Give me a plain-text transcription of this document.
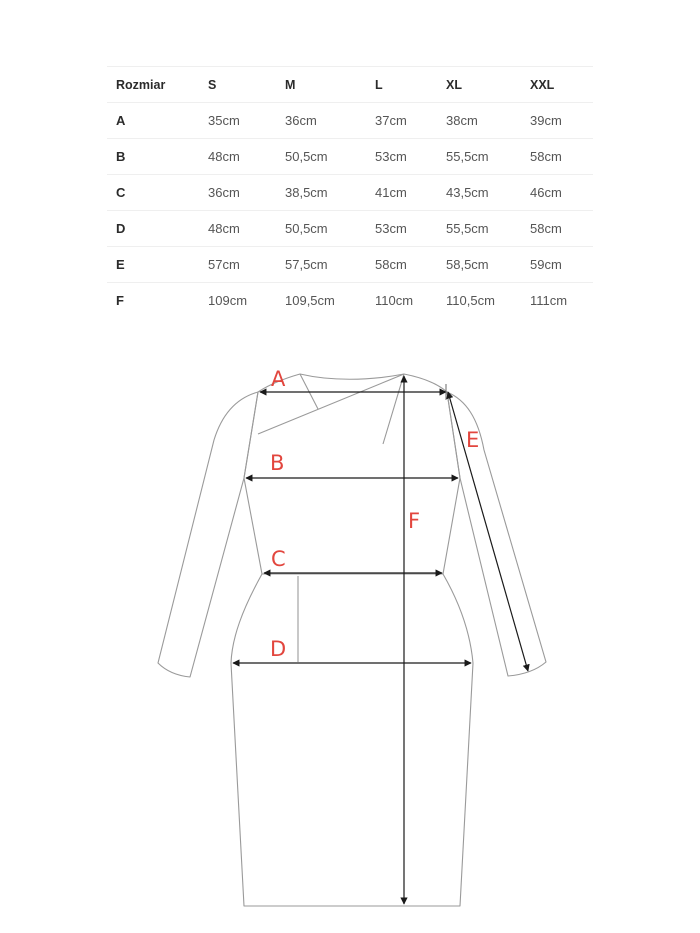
Rozmiar	S	M	L	XL	XXL
A	35cm	36cm	37cm	38cm	39cm
B	48cm	50,5cm	53cm	55,5cm	58cm
C	36cm	38,5cm	41cm	43,5cm	46cm
D	48cm	50,5cm	53cm	55,5cm	58cm
E	57cm	57,5cm	58cm	58,5cm	59cm
F	109cm	109,5cm	110cm	110,5cm	111cm
A
B
C
D
E
F
